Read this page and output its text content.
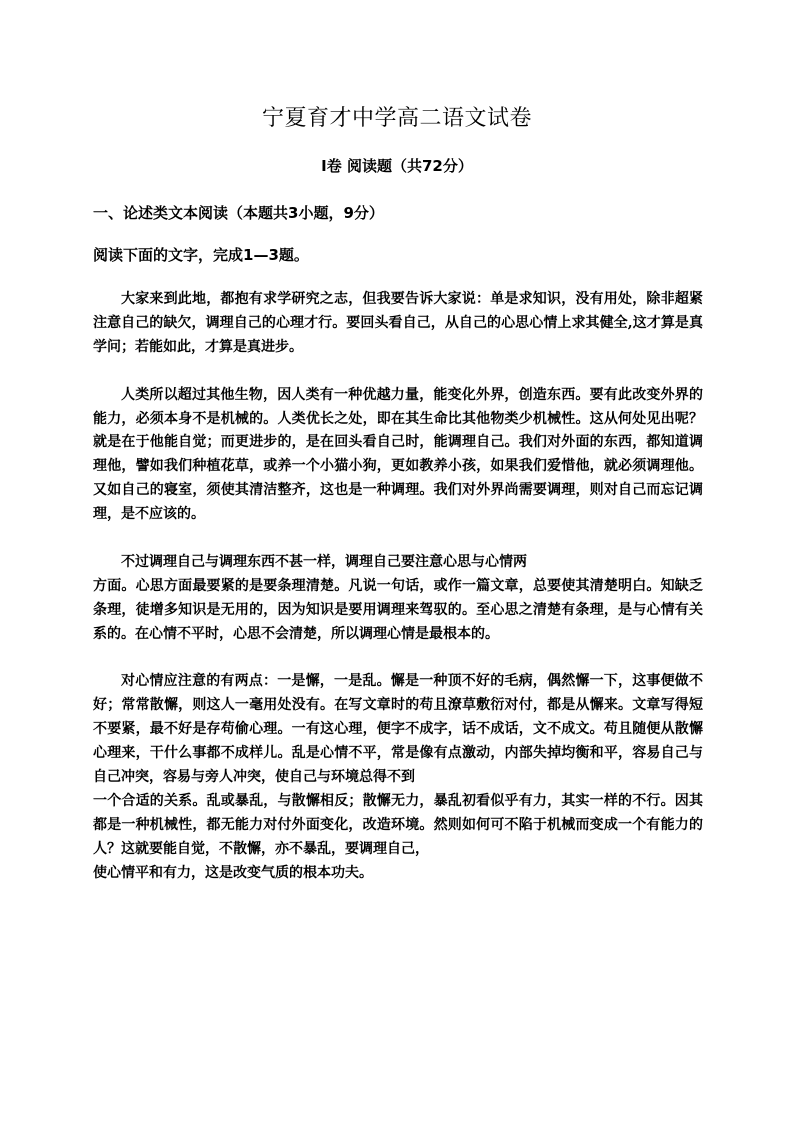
宁夏育才中学高二语文试卷
I卷 阅读题（共72分）
一、论述类文本阅读（本题共3小题，9分）
阅读下面的文字，完成1—3题。

大家来到此地，都抱有求学研究之志，但我要告诉大家说：单是求知识，没有用处，除非超紧注意自己的缺欠，调理自己的心理才行。要回头看自己，从自己的心思心情上求其健全,这才算是真学问；若能如此，才算是真进步。

人类所以超过其他生物，因人类有一种优越力量，能变化外界，创造东西。要有此改变外界的能力，必须本身不是机械的。人类优长之处，即在其生命比其他物类少机械性。这从何处见出呢？就是在于他能自觉；而更进步的，是在回头看自己时，能调理自己。我们对外面的东西，都知道调理他，譬如我们种植花草，或养一个小猫小狗，更如教养小孩，如果我们爱惜他，就必须调理他。又如自己的寝室，须使其清洁整齐，这也是一种调理。我们对外界尚需要调理，则对自己而忘记调理，是不应该的。

不过调理自己与调理东西不甚一样，调理自己要注意心思与心情两

方面。心思方面最要紧的是要条理清楚。凡说一句话，或作一篇文章，总要使其清楚明白。知缺乏条理，徒增多知识是无用的，因为知识是要用调理来驾驭的。至心思之清楚有条理，是与心情有关系的。在心情不平时，心思不会清楚，所以调理心情是最根本的。

对心情应注意的有两点：一是懈，一是乱。懈是一种顶不好的毛病，偶然懈一下，这事便做不好；常常散懈，则这人一毫用处没有。在写文章时的苟且潦草敷衍对付，都是从懈来。文章写得短不要紧，最不好是存苟偷心理。一有这心理，便字不成字，话不成话，文不成文。苟且随便从散懈心理来，干什么事都不成样儿。乱是心情不平，常是像有点激动，内部失掉均衡和平，容易自己与自己冲突，容易与旁人冲突，使自己与环境总得不到

一个合适的关系。乱或暴乱，与散懈相反；散懈无力，暴乱初看似乎有力，其实一样的不行。因其都是一种机械性，都无能力对付外面变化，改造环境。然则如何可不陷于机械而变成一个有能力的人？这就要能自觉，不散懈，亦不暴乱，要调理自己，

使心情平和有力，这是改变气质的根本功夫。
